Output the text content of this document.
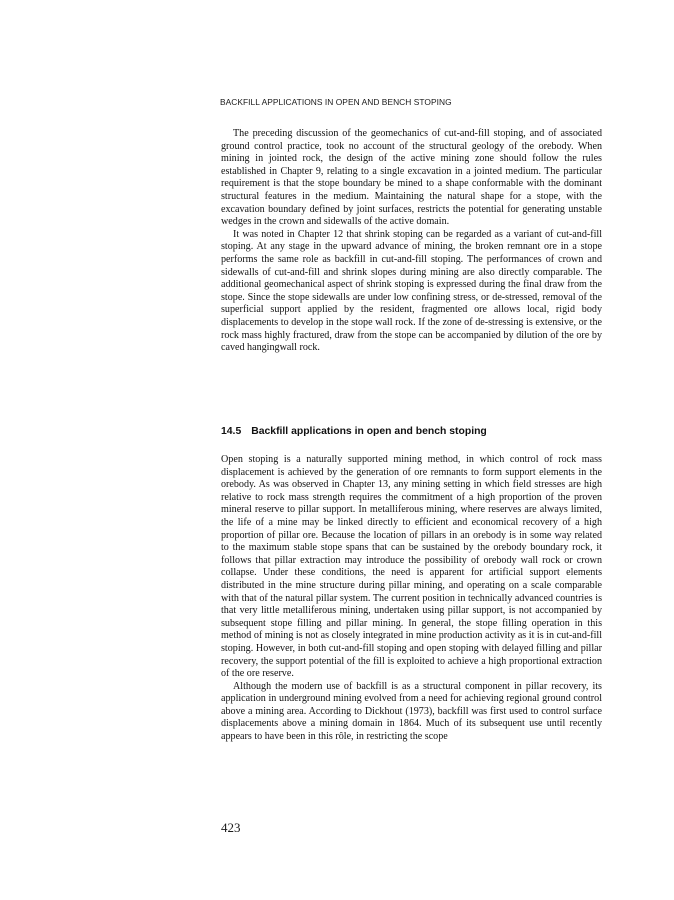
BACKFILL APPLICATIONS IN OPEN AND BENCH STOPING

The preceding discussion of the geomechanics of cut-and-fill stoping, and of associated ground control practice, took no account of the structural geology of the orebody. When mining in jointed rock, the design of the active mining zone should follow the rules established in Chapter 9, relating to a single excavation in a jointed medium. The particular requirement is that the stope boundary be mined to a shape conformable with the dominant structural features in the medium. Maintaining the natural shape for a stope, with the excavation boundary defined by joint surfaces, restricts the potential for generating unstable wedges in the crown and sidewalls of the active domain.

It was noted in Chapter 12 that shrink stoping can be regarded as a variant of cut-and-fill stoping. At any stage in the upward advance of mining, the broken remnant ore in a stope performs the same role as backfill in cut-and-fill stoping. The performances of crown and sidewalls of cut-and-fill and shrink slopes during mining are also directly comparable. The additional geomechanical aspect of shrink stoping is expressed during the final draw from the stope. Since the stope sidewalls are under low confining stress, or de-stressed, removal of the superficial support applied by the resident, fragmented ore allows local, rigid body displacements to develop in the stope wall rock. If the zone of de-stressing is extensive, or the rock mass highly fractured, draw from the stope can be accompanied by dilution of the ore by caved hangingwall rock.

14.5 Backfill applications in open and bench stoping

Open stoping is a naturally supported mining method, in which control of rock mass displacement is achieved by the generation of ore remnants to form support elements in the orebody. As was observed in Chapter 13, any mining setting in which field stresses are high relative to rock mass strength requires the commitment of a high proportion of the proven mineral reserve to pillar support. In metalliferous mining, where reserves are always limited, the life of a mine may be linked directly to efficient and economical recovery of a high proportion of pillar ore. Because the location of pillars in an orebody is in some way related to the maximum stable stope spans that can be sustained by the orebody boundary rock, it follows that pillar extraction may introduce the possibility of orebody wall rock or crown collapse. Under these conditions, the need is apparent for artificial support elements distributed in the mine structure during pillar mining, and operating on a scale comparable with that of the natural pillar system. The current position in technically advanced countries is that very little metalliferous mining, undertaken using pillar support, is not accompanied by subsequent stope filling and pillar mining. In general, the stope filling operation in this method of mining is not as closely integrated in mine production activity as it is in cut-and-fill stoping. However, in both cut-and-fill stoping and open stoping with delayed filling and pillar recovery, the support potential of the fill is exploited to achieve a high proportional extraction of the ore reserve.

Although the modern use of backfill is as a structural component in pillar recovery, its application in underground mining evolved from a need for achieving regional ground control above a mining area. According to Dickhout (1973), backfill was first used to control surface displacements above a mining domain in 1864. Much of its subsequent use until recently appears to have been in this rôle, in restricting the scope

423
